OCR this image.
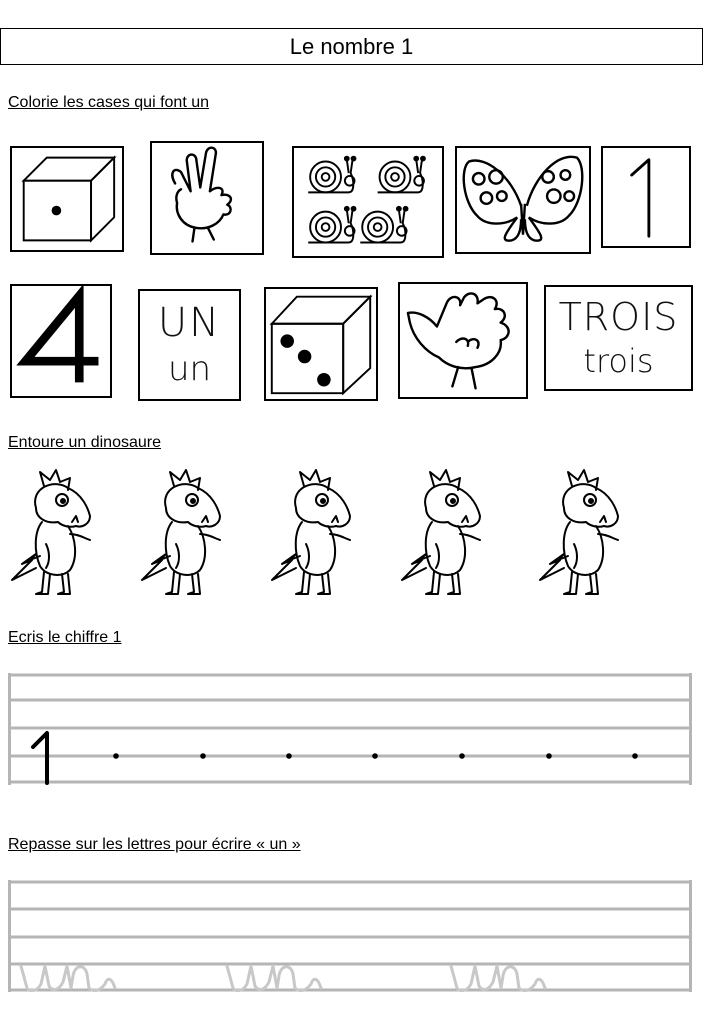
Le nombre 1
Colorie les cases qui font un
UN
un
TROIS
trois
Entoure un dinosaure
Ecris le chiffre 1
Repasse sur les lettres pour écrire « un »
